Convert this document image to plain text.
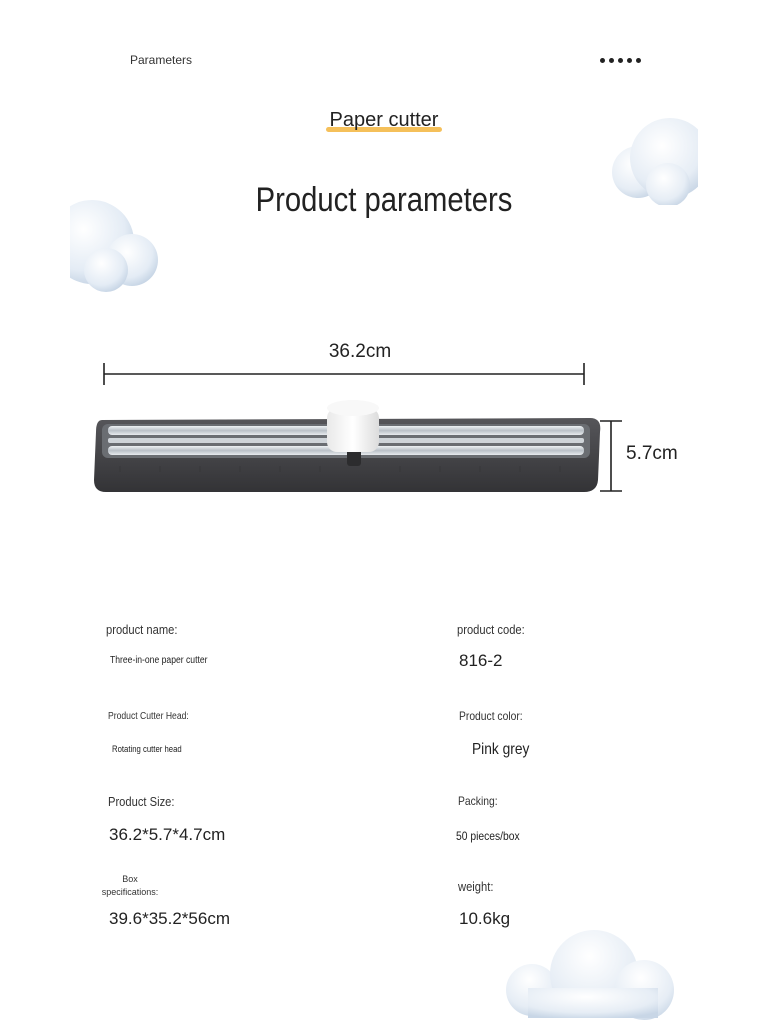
Parameters
Paper cutter
Product parameters
36.2cm
5.7cm
product name:
Three-in-one paper cutter
product code:
816-2
Product Cutter Head:
Rotating cutter head
Product color:
Pink grey
Product Size:
36.2*5.7*4.7cm
Packing:
50 pieces/box
Box
specifications:
39.6*35.2*56cm
weight:
10.6kg
